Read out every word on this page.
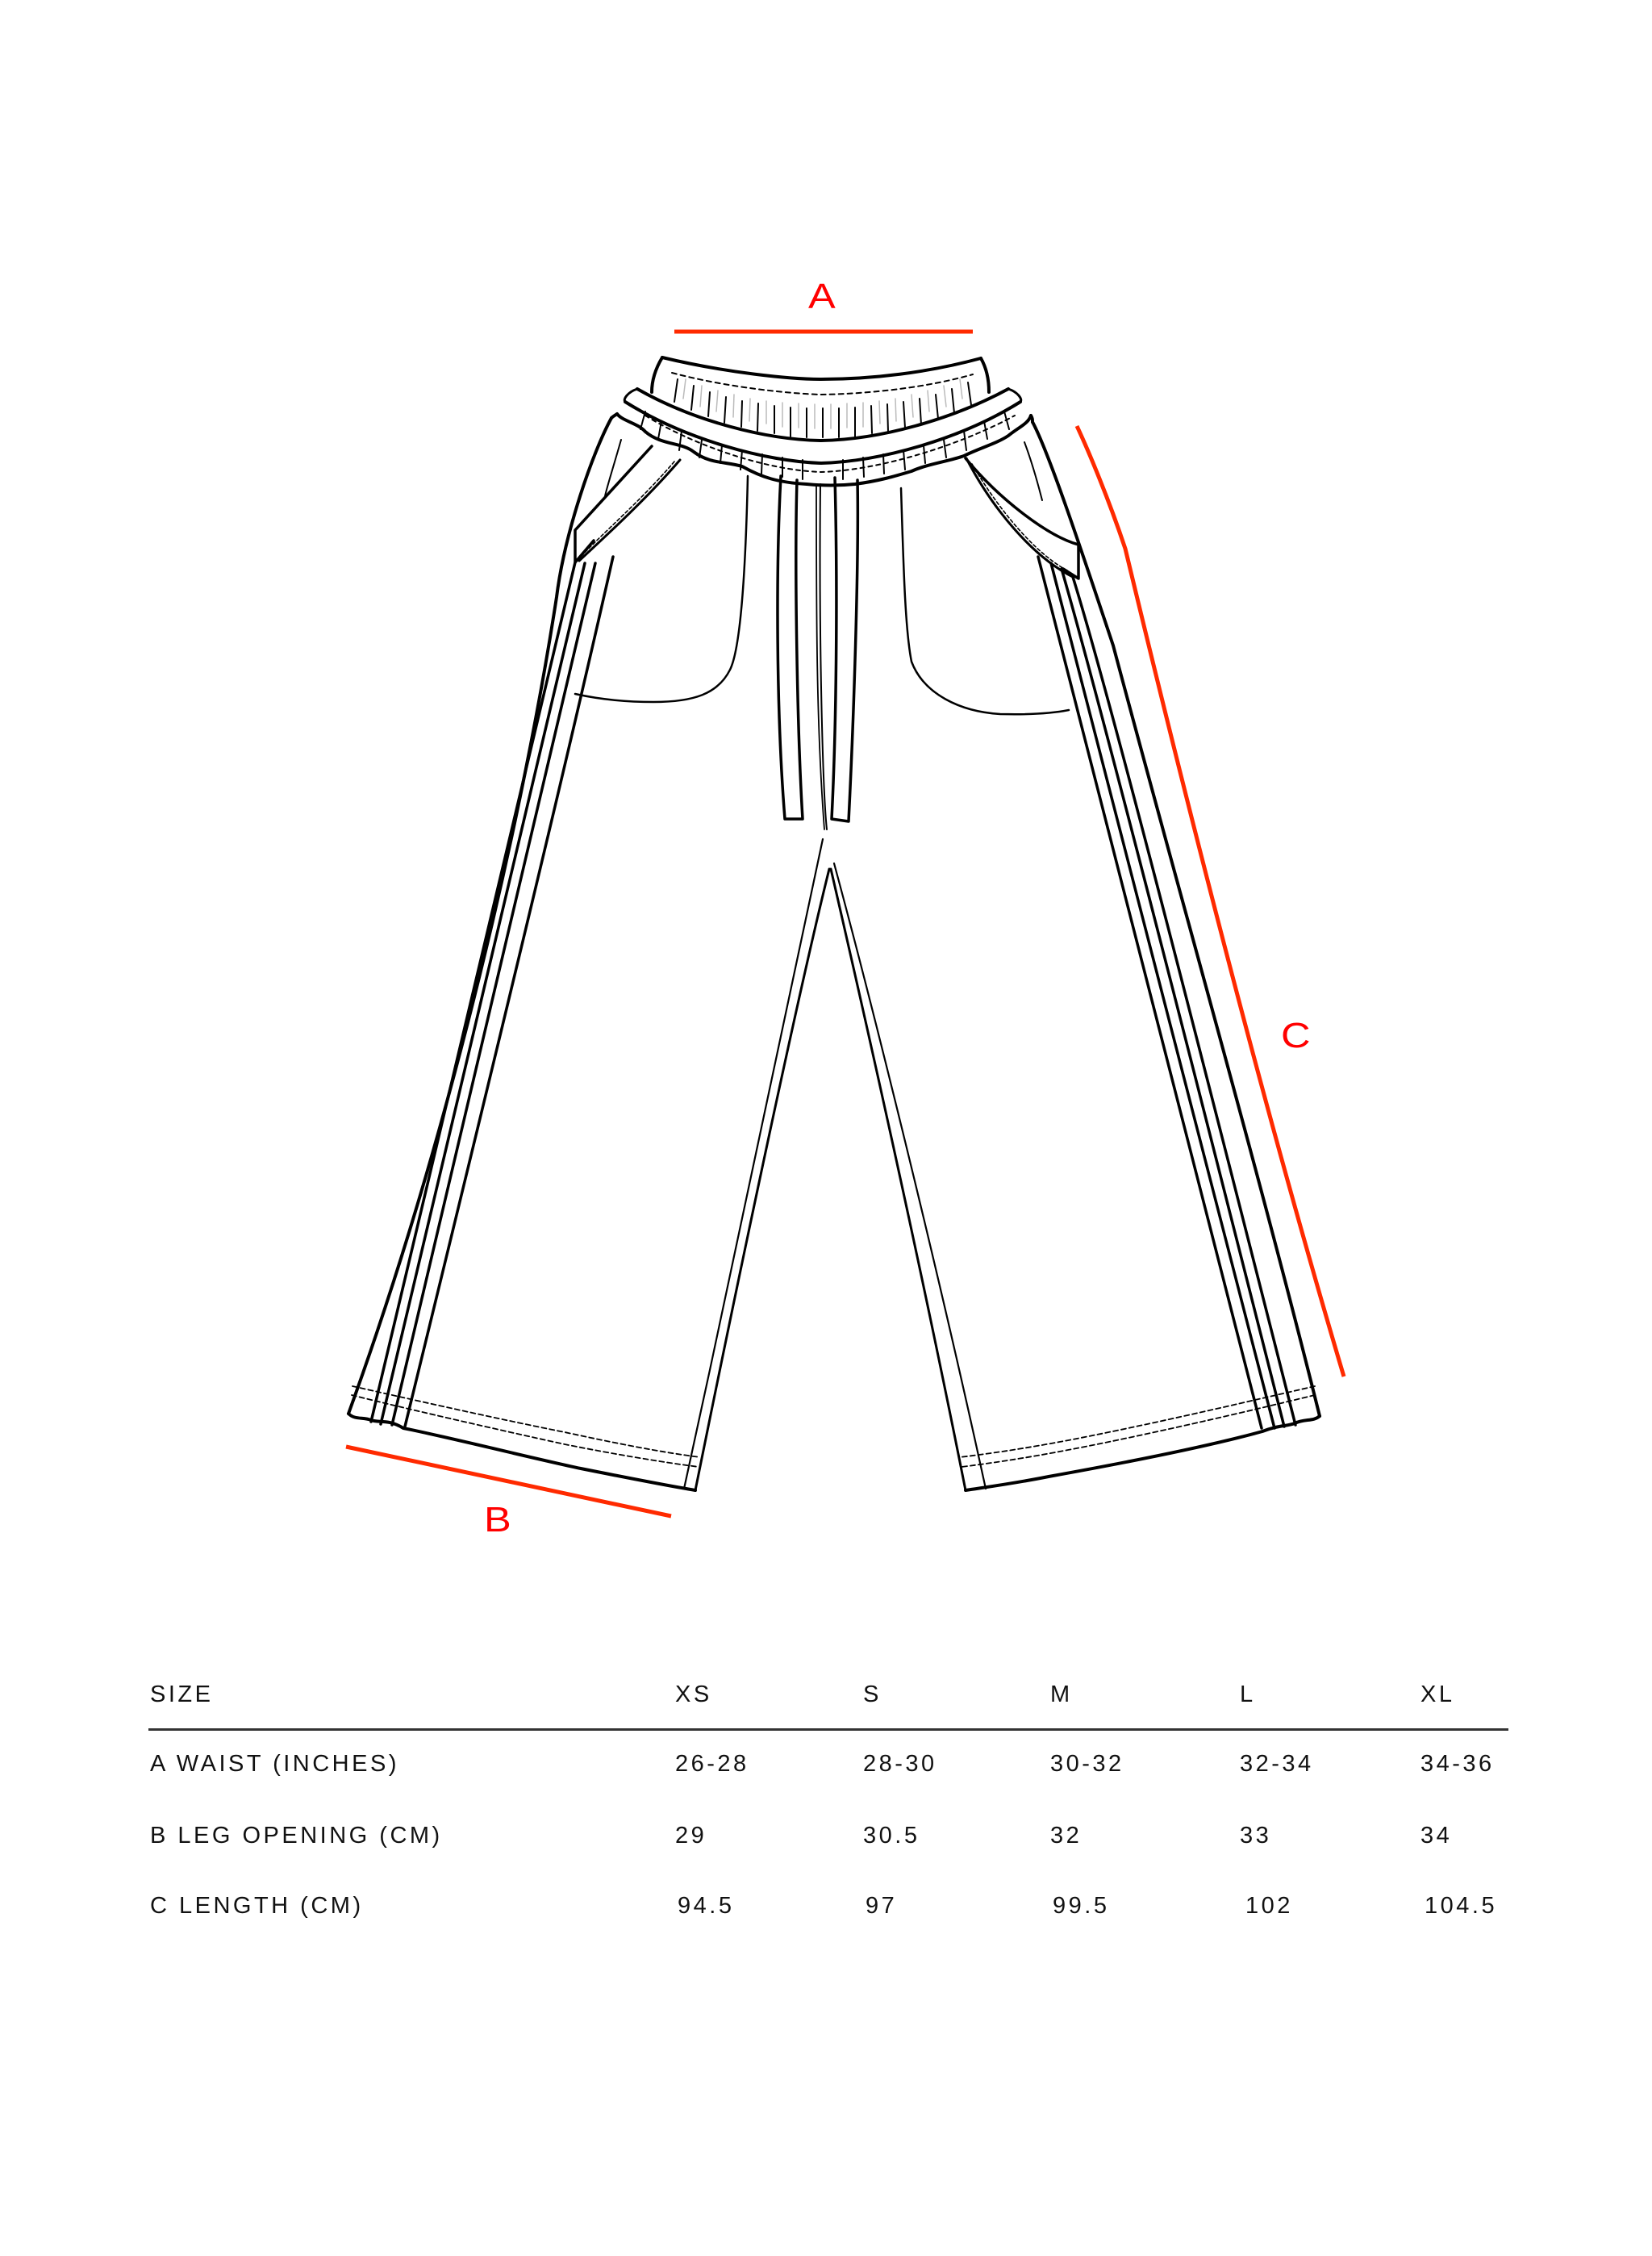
A
B
C
SIZE	XS	S	M	L	XL
A WAIST (INCHES)	26-28	28-30	30-32	32-34	34-36
B LEG OPENING (CM)	29	30.5	32	33	34
C LENGTH (CM)	94.5	97	99.5	102	104.5
